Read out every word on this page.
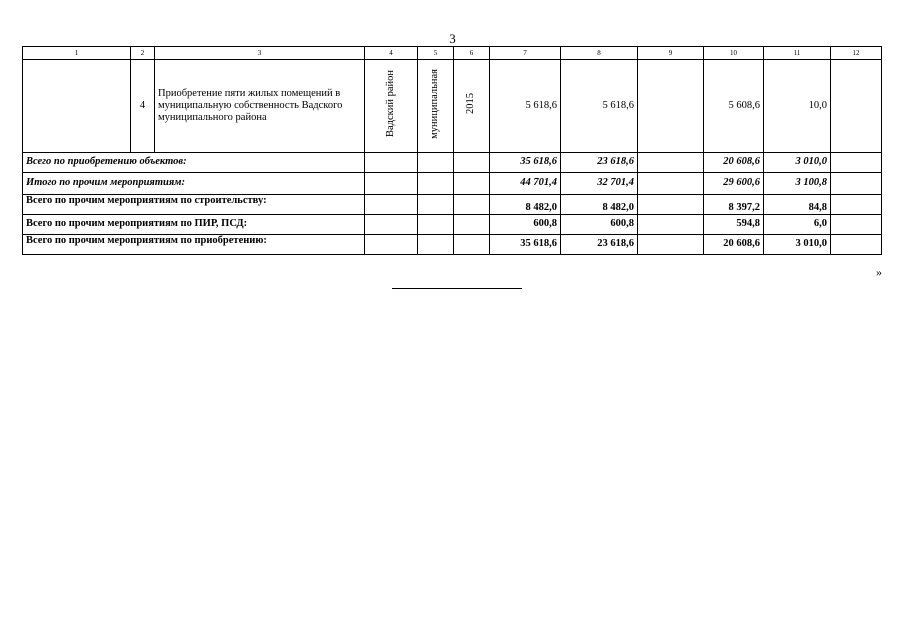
3
1	2	3	4	5	6	7	8	9	10	11	12
	4	Приобретение пяти жилых помещений в муниципальную собственность Вадского муниципального района	Вадский район	муниципальная	2015	5 618,6	5 618,6		5 608,6	10,0	
Всего по приобретению объектов:						35 618,6	23 618,6		20 608,6	3 010,0	
Итого по прочим мероприятиям:						44 701,4	32 701,4		29 600,6	3 100,8	
Всего по прочим мероприятиям по строительству:						8 482,0	8 482,0		8 397,2	84,8	
Всего по прочим мероприятиям по ПИР, ПСД:						600,8	600,8		594,8	6,0	
Всего по прочим мероприятиям по приобретению:						35 618,6	23 618,6		20 608,6	3 010,0	
»
